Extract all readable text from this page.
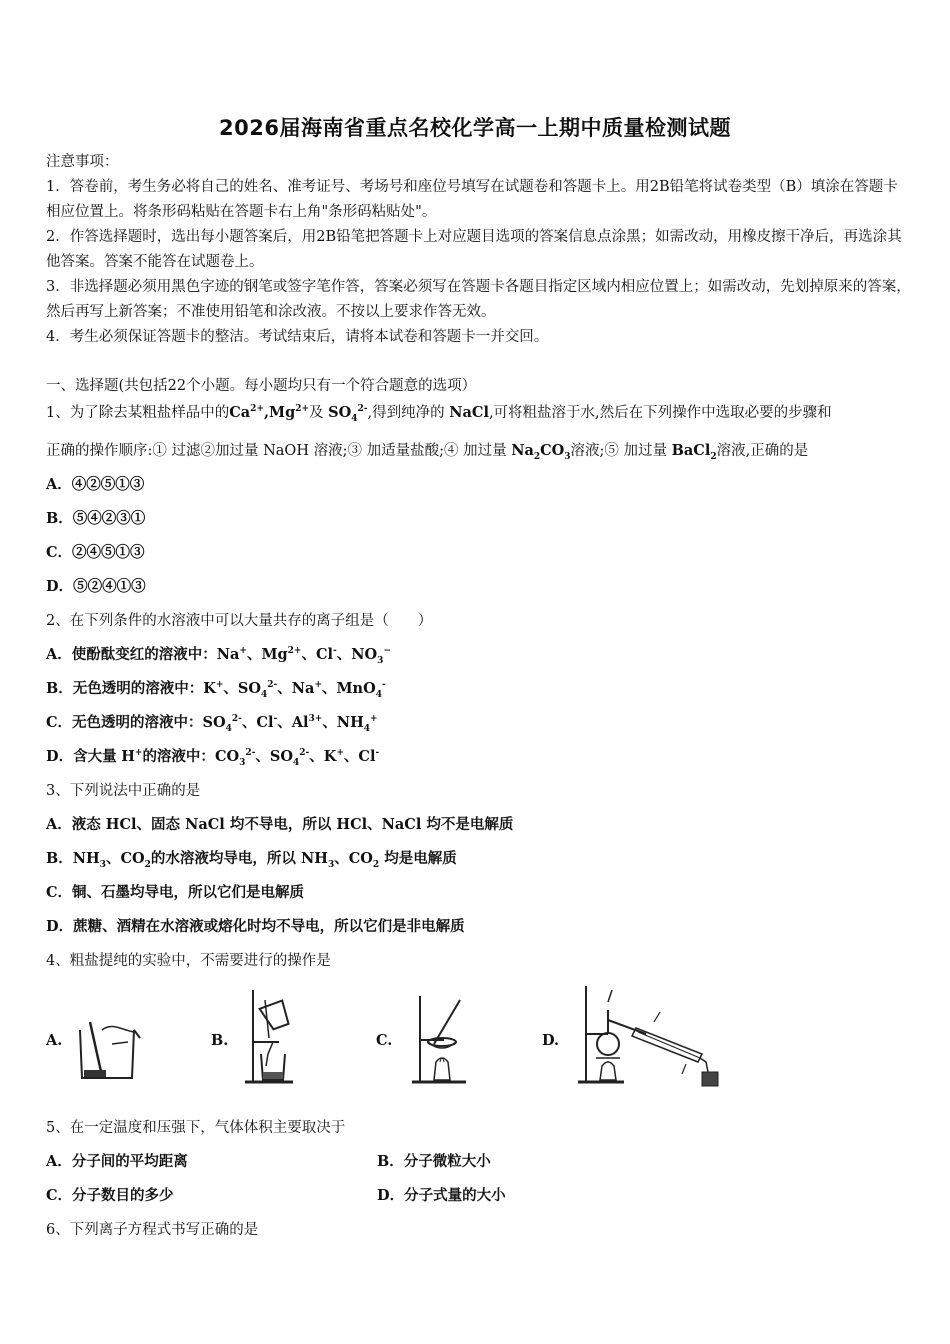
2026届海南省重点名校化学高一上期中质量检测试题
注意事项：
1．答卷前，考生务必将自己的姓名、准考证号、考场号和座位号填写在试题卷和答题卡上。用2B铅笔将试卷类型（B）填涂在答题卡相应位置上。将条形码粘贴在答题卡右上角"条形码粘贴处"。
2．作答选择题时，选出每小题答案后，用2B铅笔把答题卡上对应题目选项的答案信息点涂黑；如需改动，用橡皮擦干净后，再选涂其他答案。答案不能答在试题卷上。
3．非选择题必须用黑色字迹的钢笔或签字笔作答，答案必须写在答题卡各题目指定区域内相应位置上；如需改动，先划掉原来的答案，然后再写上新答案；不准使用铅笔和涂改液。不按以上要求作答无效。
4．考生必须保证答题卡的整洁。考试结束后，请将本试卷和答题卡一并交回。
一、选择题(共包括22个小题。每小题均只有一个符合题意的选项）
1、为了除去某粗盐样品中的$Ca^{2+},Mg^{2+}$及 $SO_4^{2-}$,得到纯净的 NaCl,可将粗盐溶于水,然后在下列操作中选取必要的步骤和
正确的操作顺序:① 过滤②加过量 NaOH 溶液;③ 加适量盐酸;④ 加过量 $Na_2CO_3$溶液;⑤ 加过量 BaCl$_2$溶液,正确的是
A．④②⑤①③
B．⑤④②③①
C．②④⑤①③
D．⑤②④①③
2、在下列条件的水溶液中可以大量共存的离子组是（　　）
A．使酚酞变红的溶液中：Na+、$Mg^{2+}$、Cl-、$NO_3^-$
B．无色透明的溶液中：K+、$SO_4^{2-}$、Na+、MnO$_4$-
C．无色透明的溶液中：$SO_4^{2-}$、Cl-、$Al^{3+}$、$NH_4^+$
D．含大量 H+的溶液中：$CO_3^{2-}$、$SO_4^{2-}$、K+、Cl-
3、下列说法中正确的是
A．液态 HCl、固态 NaCl 均不导电，所以 HCl、NaCl 均不是电解质
B．$NH_3$、$CO_2$的水溶液均导电，所以 $NH_3$、$CO_2$ 均是电解质
C．铜、石墨均导电，所以它们是电解质
D．蔗糖、酒精在水溶液或熔化时均不导电，所以它们是非电解质
4、粗盐提纯的实验中，不需要进行的操作是
A.	B.	C.	D.
5、在一定温度和压强下，气体体积主要取决于
A．分子间的平均距离	B．分子微粒大小
C．分子数目的多少	D．分子式量的大小
6、下列离子方程式书写正确的是
